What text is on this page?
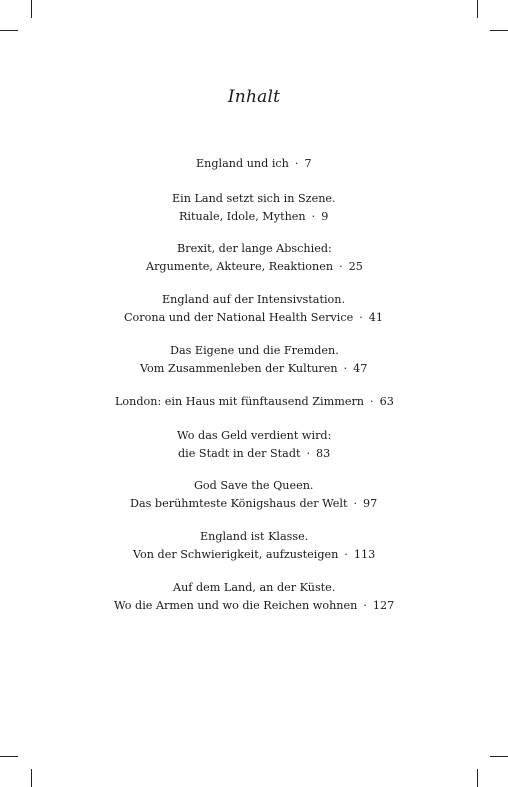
Inhalt
England und ich · 7
Ein Land setzt sich in Szene.
Rituale, Idole, Mythen · 9
Brexit, der lange Abschied:
Argumente, Akteure, Reaktionen · 25
England auf der Intensivstation.
Corona und der National Health Service · 41
Das Eigene und die Fremden.
Vom Zusammenleben der Kulturen · 47
London: ein Haus mit fünftausend Zimmern · 63
Wo das Geld verdient wird:
die Stadt in der Stadt · 83
God Save the Queen.
Das berühmteste Königshaus der Welt · 97
England ist Klasse.
Von der Schwierigkeit, aufzusteigen · 113
Auf dem Land, an der Küste.
Wo die Armen und wo die Reichen wohnen · 127
